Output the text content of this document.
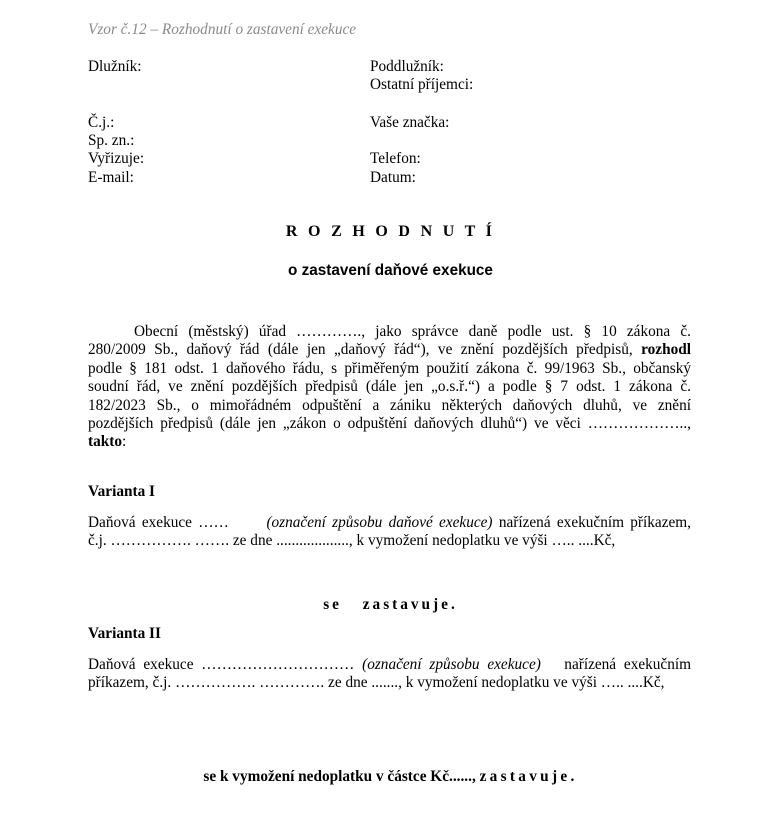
Vzor č.12 – Rozhodnutí o zastavení exekuce
Dlužník:
Č.j.:
Sp. zn.:
Vyřizuje:
E-mail:
Poddlužník:
Ostatní příjemci:
Vaše značka:
Telefon:
Datum:
R O Z H O D N U T Í
o zastavení daňové exekuce
Obecní (městský) úřad …………., jako správce daně podle ust. § 10 zákona č.
280/2009 Sb., daňový řád (dále jen „daňový řád“), ve znění pozdějších předpisů, rozhodl
podle § 181 odst. 1 daňového řádu, s přiměřeným použití zákona č. 99/1963 Sb., občanský
soudní řád, ve znění pozdějších předpisů (dále jen „o.s.ř.“) a podle § 7 odst. 1 zákona č.
182/2023 Sb., o mimořádném odpuštění a zániku některých daňových dluhů, ve znění
pozdějších předpisů (dále jen „zákon o odpuštění daňových dluhů“) ve věci ………………..,
takto:
Varianta I
Daňová exekuce …… (označení způsobu daňové exekuce) nařízená exekučním příkazem,
č.j. ……………. ……. ze dne ..................., k vymožení nedoplatku ve výši ….. ....Kč,
se zastavuje.
Varianta II
Daňová exekuce ………………………… (označení způsobu exekuce) nařízená exekučním
příkazem, č.j. ……………. …………. ze dne ......., k vymožení nedoplatku ve výši ….. ....Kč,
se k vymožení nedoplatku v částce Kč......, zastavuje.
